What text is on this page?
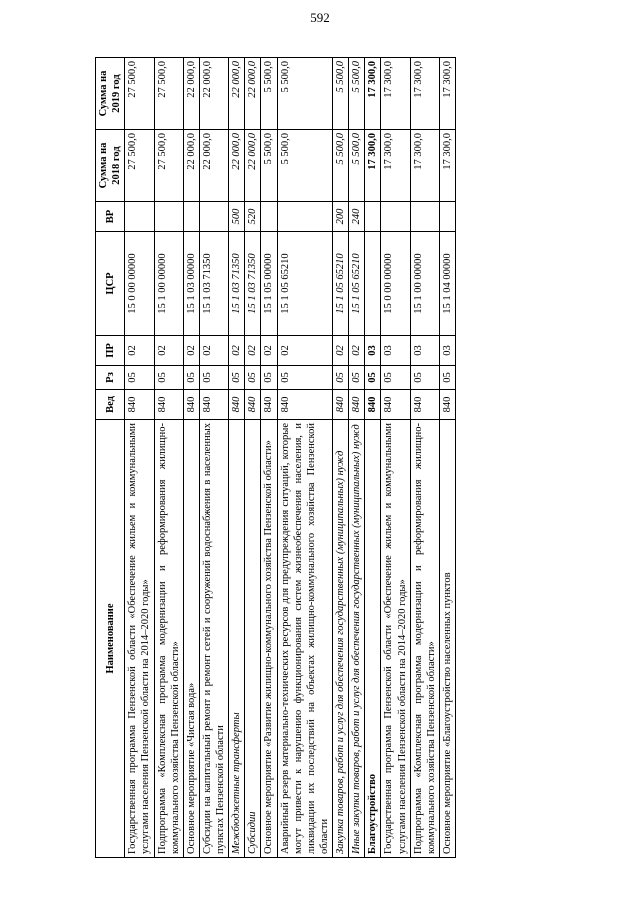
592
Наименование	Вед	Рз	ПР	ЦСР	ВР	Сумма на 2018 год	Сумма на 2019 год
Государственная программа Пензенской области «Обеспечение жильем и коммунальными услугами населения Пензенской области на 2014–2020 годы»	840	05	02	15 0 00 00000		27 500,0	27 500,0
Подпрограмма «Комплексная программа модернизации и реформирования жилищно-коммунального хозяйства Пензенской области»	840	05	02	15 1 00 00000		27 500,0	27 500,0
Основное мероприятие «Чистая вода»	840	05	02	15 1 03 00000		22 000,0	22 000,0
Субсидии на капитальный ремонт и ремонт сетей и сооружений водоснабжения в населенных пунктах Пензенской области	840	05	02	15 1 03 71350		22 000,0	22 000,0
Межбюджетные трансферты	840	05	02	15 1 03 71350	500	22 000,0	22 000,0
Субсидии	840	05	02	15 1 03 71350	520	22 000,0	22 000,0
Основное мероприятие «Развитие жилищно-коммунального хозяйства Пензенской области»	840	05	02	15 1 05 00000		5 500,0	5 500,0
Аварийный резерв материально-технических ресурсов для предупреждения ситуаций, которые могут привести к нарушению функционирования систем жизнеобеспечения населения, и ликвидации их последствий на объектах жилищно-коммунального хозяйства Пензенской области	840	05	02	15 1 05 65210		5 500,0	5 500,0
Закупка товаров, работ и услуг для обеспечения государственных (муниципальных) нужд	840	05	02	15 1 05 65210	200	5 500,0	5 500,0
Иные закупки товаров, работ и услуг для обеспечения государственных (муниципальных) нужд	840	05	02	15 1 05 65210	240	5 500,0	5 500,0
Благоустройство	840	05	03			17 300,0	17 300,0
Государственная программа Пензенской области «Обеспечение жильем и коммунальными услугами населения Пензенской области на 2014–2020 годы»	840	05	03	15 0 00 00000		17 300,0	17 300,0
Подпрограмма «Комплексная программа модернизации и реформирования жилищно-коммунального хозяйства Пензенской области»	840	05	03	15 1 00 00000		17 300,0	17 300,0
Основное мероприятие «Благоустройство населенных пунктов	840	05	03	15 1 04 00000		17 300,0	17 300,0
